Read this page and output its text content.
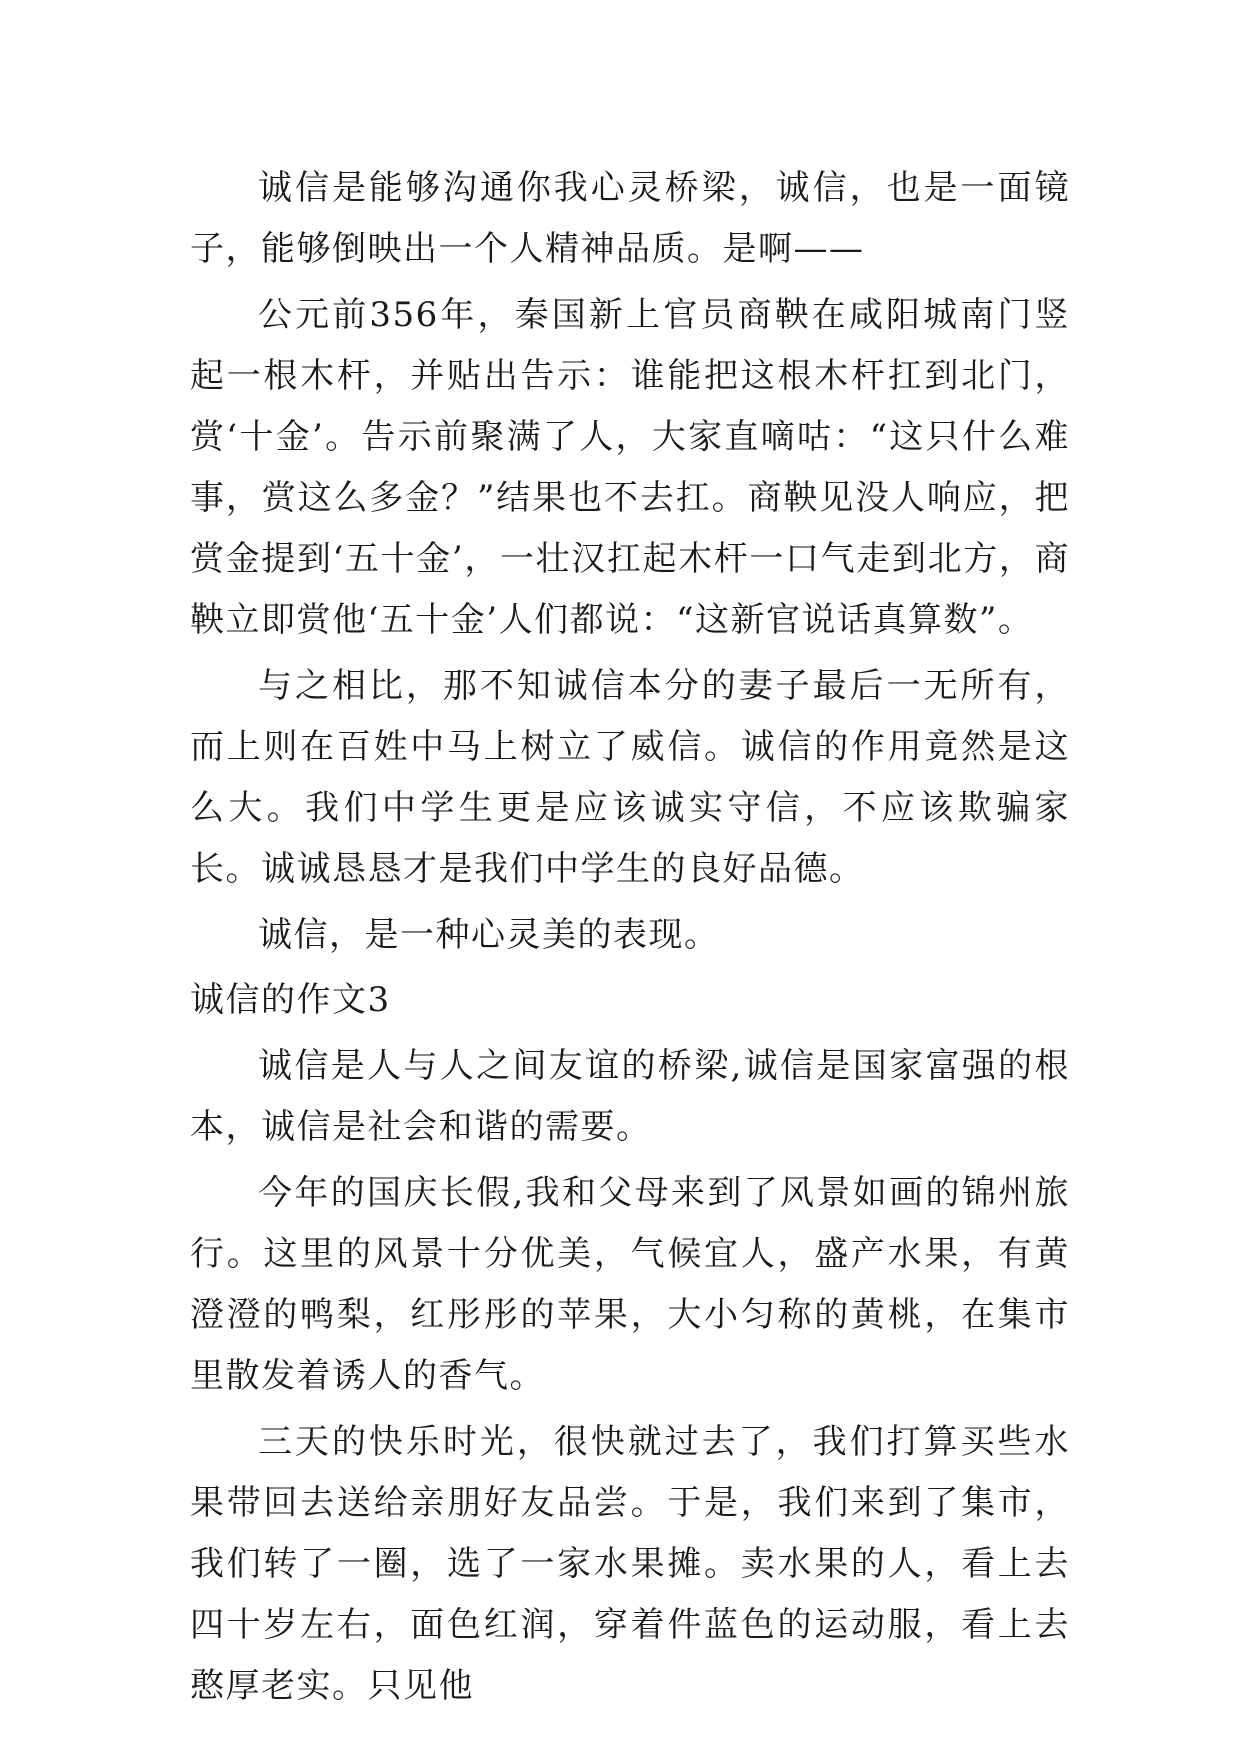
诚信是能够沟通你我心灵桥梁，诚信，也是一面镜子，能够倒映出一个人精神品质。是啊——

公元前356年，秦国新上官员商鞅在咸阳城南门竖起一根木杆，并贴出告示：谁能把这根木杆扛到北门，赏‘十金’。告示前聚满了人，大家直嘀咕：“这只什么难事，赏这么多金？”结果也不去扛。商鞅见没人响应，把赏金提到‘五十金’，一壮汉扛起木杆一口气走到北方，商鞅立即赏他‘五十金’人们都说：“这新官说话真算数”。

与之相比，那不知诚信本分的妻子最后一无所有，而上则在百姓中马上树立了威信。诚信的作用竟然是这么大。我们中学生更是应该诚实守信，不应该欺骗家长。诚诚恳恳才是我们中学生的良好品德。

诚信，是一种心灵美的表现。

诚信的作文3

诚信是人与人之间友谊的桥梁,诚信是国家富强的根本，诚信是社会和谐的需要。

今年的国庆长假,我和父母来到了风景如画的锦州旅行。这里的风景十分优美，气候宜人，盛产水果，有黄澄澄的鸭梨，红彤彤的苹果，大小匀称的黄桃，在集市里散发着诱人的香气。

三天的快乐时光，很快就过去了，我们打算买些水果带回去送给亲朋好友品尝。于是，我们来到了集市，我们转了一圈，选了一家水果摊。卖水果的人，看上去四十岁左右，面色红润，穿着件蓝色的运动服，看上去憨厚老实。只见他
